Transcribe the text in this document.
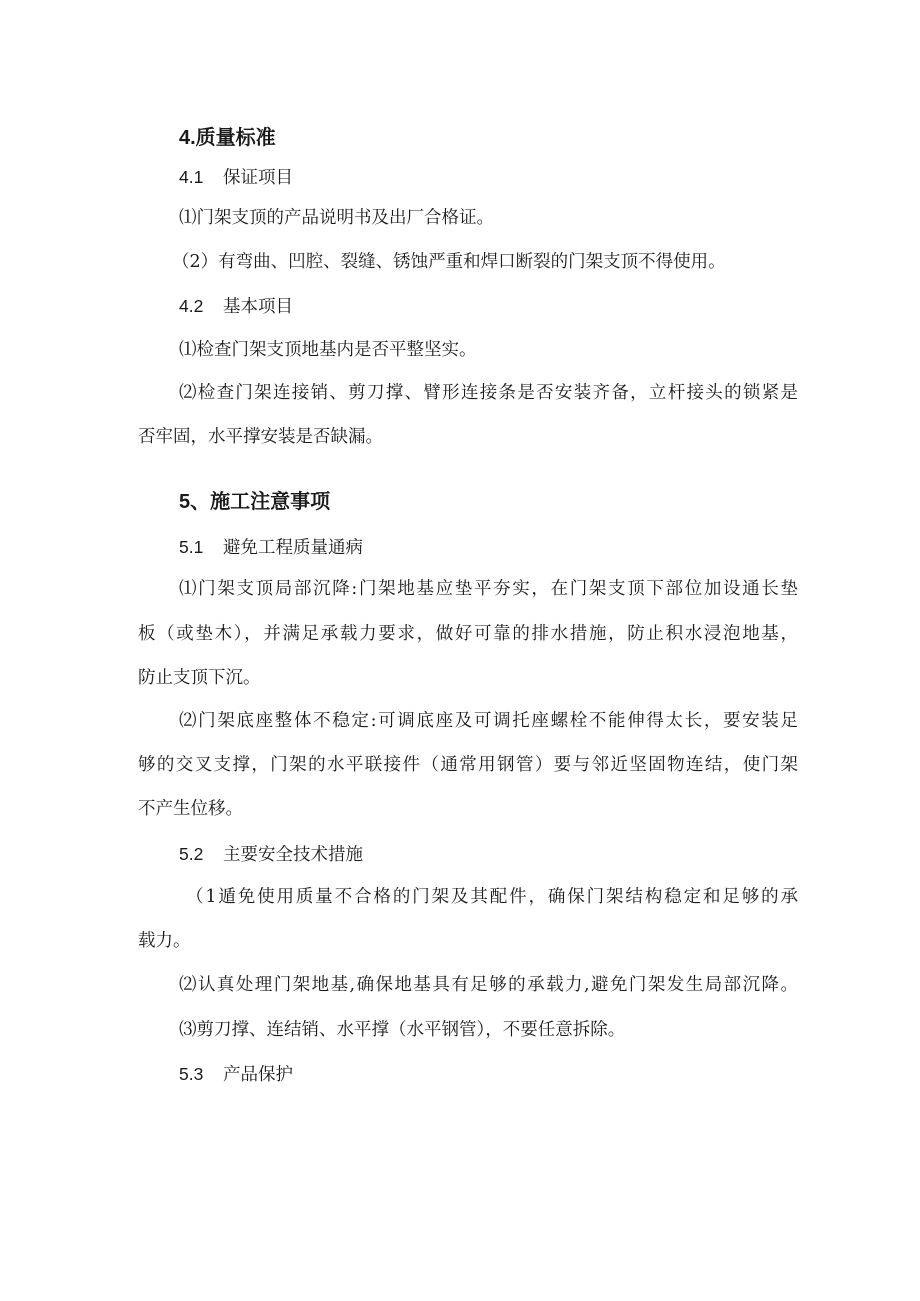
4.质量标准
4.1 保证项目
⑴门架支顶的产品说明书及出厂合格证。
（2）有弯曲、凹腔、裂缝、锈蚀严重和焊口断裂的门架支顶不得使用。
4.2 基本项目
⑴检查门架支顶地基内是否平整坚实。
⑵检查门架连接销、剪刀撑、臂形连接条是否安装齐备，立杆接头的锁紧是
否牢固，水平撑安装是否缺漏。
5、施工注意事项
5.1 避免工程质量通病
⑴门架支顶局部沉降:门架地基应垫平夯实，在门架支顶下部位加设通长垫
板（或垫木），并满足承载力要求，做好可靠的排水措施，防止积水浸泡地基，
防止支顶下沉。
⑵门架底座整体不稳定:可调底座及可调托座螺栓不能伸得太长，要安装足
够的交叉支撑，门架的水平联接件（通常用钢管）要与邻近坚固物连结，使门架
不产生位移。
5.2 主要安全技术措施
（1遁免使用质量不合格的门架及其配件，确保门架结构稳定和足够的承
载力。
⑵认真处理门架地基,确保地基具有足够的承载力,避免门架发生局部沉降。
⑶剪刀撑、连结销、水平撑（水平钢管），不要任意拆除。
5.3 产品保护
